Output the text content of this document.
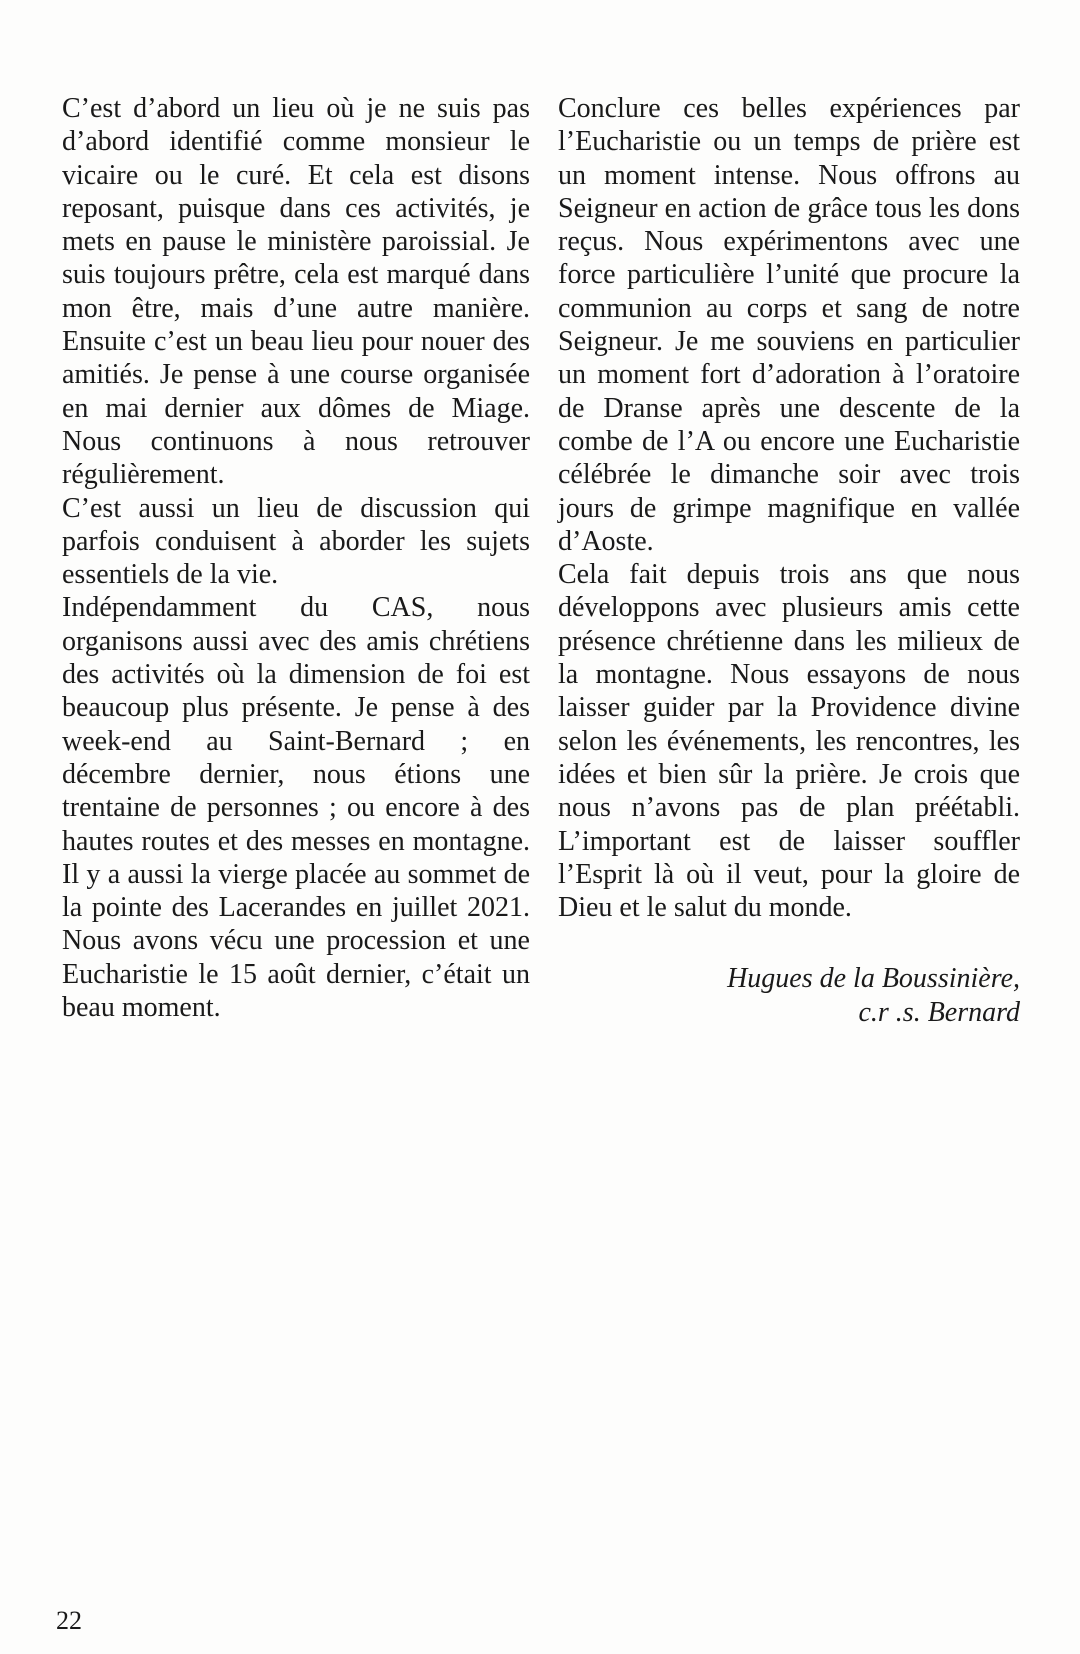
C’est d’abord un lieu où je ne suis pas d’abord identifié comme monsieur le vicaire ou le curé. Et cela est disons reposant, puisque dans ces activités, je mets en pause le ministère paroissial. Je suis toujours prêtre, cela est marqué dans mon être, mais d’une autre manière. Ensuite c’est un beau lieu pour nouer des amitiés. Je pense à une course organisée en mai dernier aux dômes de Miage. Nous continuons à nous retrouver régulièrement.

C’est aussi un lieu de discussion qui parfois conduisent à aborder les sujets essentiels de la vie.

Indépendamment du CAS, nous organisons aussi avec des amis chrétiens des activités où la dimension de foi est beaucoup plus présente. Je pense à des week-end au Saint-Bernard ; en décembre dernier, nous étions une trentaine de personnes ; ou encore à des hautes routes et des messes en montagne. Il y a aussi la vierge placée au sommet de la pointe des Lacerandes en juillet 2021. Nous avons vécu une procession et une Eucharistie le 15 août dernier, c’était un beau moment.

Conclure ces belles expériences par l’Eucharistie ou un temps de prière est un moment intense. Nous offrons au Seigneur en action de grâce tous les dons reçus. Nous expérimentons avec une force particulière l’unité que procure la communion au corps et sang de notre Seigneur. Je me souviens en particulier un moment fort d’adoration à l’oratoire de Dranse après une descente de la combe de l’A ou encore une Eucharistie célébrée le dimanche soir avec trois jours de grimpe magnifique en vallée d’Aoste.

Cela fait depuis trois ans que nous développons avec plusieurs amis cette présence chrétienne dans les milieux de la montagne. Nous essayons de nous laisser guider par la Providence divine selon les événements, les rencontres, les idées et bien sûr la prière. Je crois que nous n’avons pas de plan préétabli. L’important est de laisser souffler l’Esprit là où il veut, pour la gloire de Dieu et le salut du monde.

Hugues de la Boussinière,
c.r .s. Bernard
22
